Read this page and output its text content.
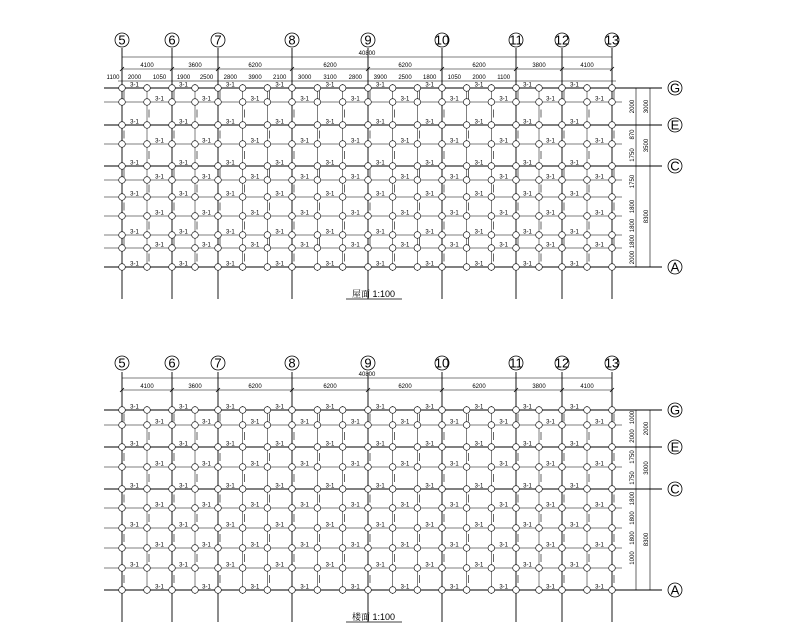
3-1	3-1	3-1	3-1	3-1	3-1	3-1	3-1	3-1	3-1
3-1	3-1	3-1	3-1	3-1	3-1	3-1	3-1	3-1	3-1
3-1	3-1	3-1	3-1	3-1	3-1	3-1	3-1	3-1	3-1
3-1	3-1	3-1	3-1	3-1	3-1	3-1	3-1	3-1	3-1
3-1	3-1	3-1	3-1	3-1	3-1	3-1	3-1	3-1	3-1
3-1	3-1	3-1	3-1	3-1	3-1	3-1	3-1	3-1	3-1
3-1	3-1	3-1	3-1	3-1	3-1	3-1	3-1	3-1	3-1
3-1	3-1	3-1	3-1	3-1	3-1	3-1	3-1	3-1	3-1
3-1	3-1	3-1	3-1	3-1	3-1	3-1	3-1	3-1	3-1
3-1	3-1	3-1	3-1	3-1	3-1	3-1	3-1	3-1	3-1
3-1	3-1	3-1	3-1	3-1	3-1	3-1	3-1	3-1	3-1
40800
4100	3600	6200	6200	6200	6200	3800	4100
1100 2000 1050 1900 2500 2800 3900 2100 3000 3100 2800 3900 2500 1800 1050 2000 1100
2000
870
1750
1750
1800
1800
1800
2000
3000
3500
8300
5	6	7	8	9	10	11 12	13
G
E
C
A
屋面 1:100
3-1	3-1	3-1	3-1	3-1	3-1	3-1	3-1	3-1	3-1
3-1	3-1	3-1	3-1	3-1	3-1	3-1	3-1	3-1	3-1
3-1	3-1	3-1	3-1	3-1	3-1	3-1	3-1	3-1	3-1
3-1	3-1	3-1	3-1	3-1	3-1	3-1	3-1	3-1	3-1
3-1	3-1	3-1	3-1	3-1	3-1	3-1	3-1	3-1	3-1
3-1	3-1	3-1	3-1	3-1	3-1	3-1	3-1	3-1	3-1
3-1	3-1	3-1	3-1	3-1	3-1	3-1	3-1	3-1	3-1
3-1	3-1	3-1	3-1	3-1	3-1	3-1	3-1	3-1	3-1
3-1	3-1	3-1	3-1	3-1	3-1	3-1	3-1	3-1	3-1
3-1	3-1	3-1	3-1	3-1	3-1	3-1	3-1	3-1	3-1
40800
4100	3600	6200	6200	6200	6200	3800	4100
1000
2000
1750
1750
1800
1800
1800
1000
2000
3000
8300
5	6	7	8	9	10	11 12	13
G
E
C
A
楼面 1:100
